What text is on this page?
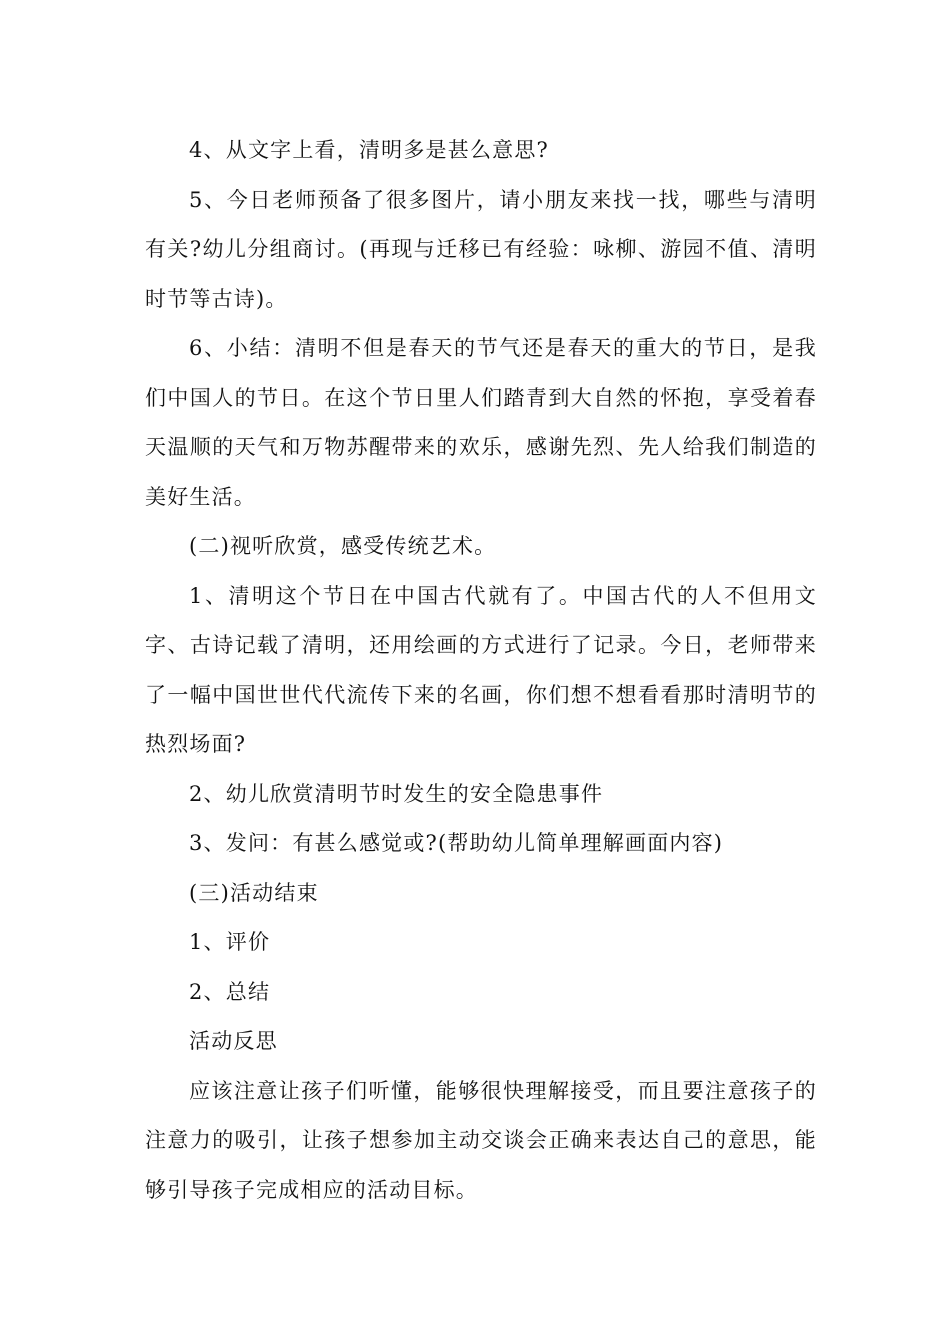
4、从文字上看，清明多是甚么意思?

5、今日老师预备了很多图片，请小朋友来找一找，哪些与清明有关?幼儿分组商讨。(再现与迁移已有经验：咏柳、游园不值、清明时节等古诗)。

6、小结：清明不但是春天的节气还是春天的重大的节日，是我们中国人的节日。在这个节日里人们踏青到大自然的怀抱，享受着春天温顺的天气和万物苏醒带来的欢乐，感谢先烈、先人给我们制造的美好生活。

(二)视听欣赏，感受传统艺术。

1、清明这个节日在中国古代就有了。中国古代的人不但用文字、古诗记载了清明，还用绘画的方式进行了记录。今日，老师带来了一幅中国世世代代流传下来的名画，你们想不想看看那时清明节的热烈场面?

2、幼儿欣赏清明节时发生的安全隐患事件

3、发问：有甚么感觉或?(帮助幼儿简单理解画面内容)

(三)活动结束

1、评价

2、总结

活动反思

应该注意让孩子们听懂，能够很快理解接受，而且要注意孩子的注意力的吸引，让孩子想参加主动交谈会正确来表达自己的意思，能够引导孩子完成相应的活动目标。
